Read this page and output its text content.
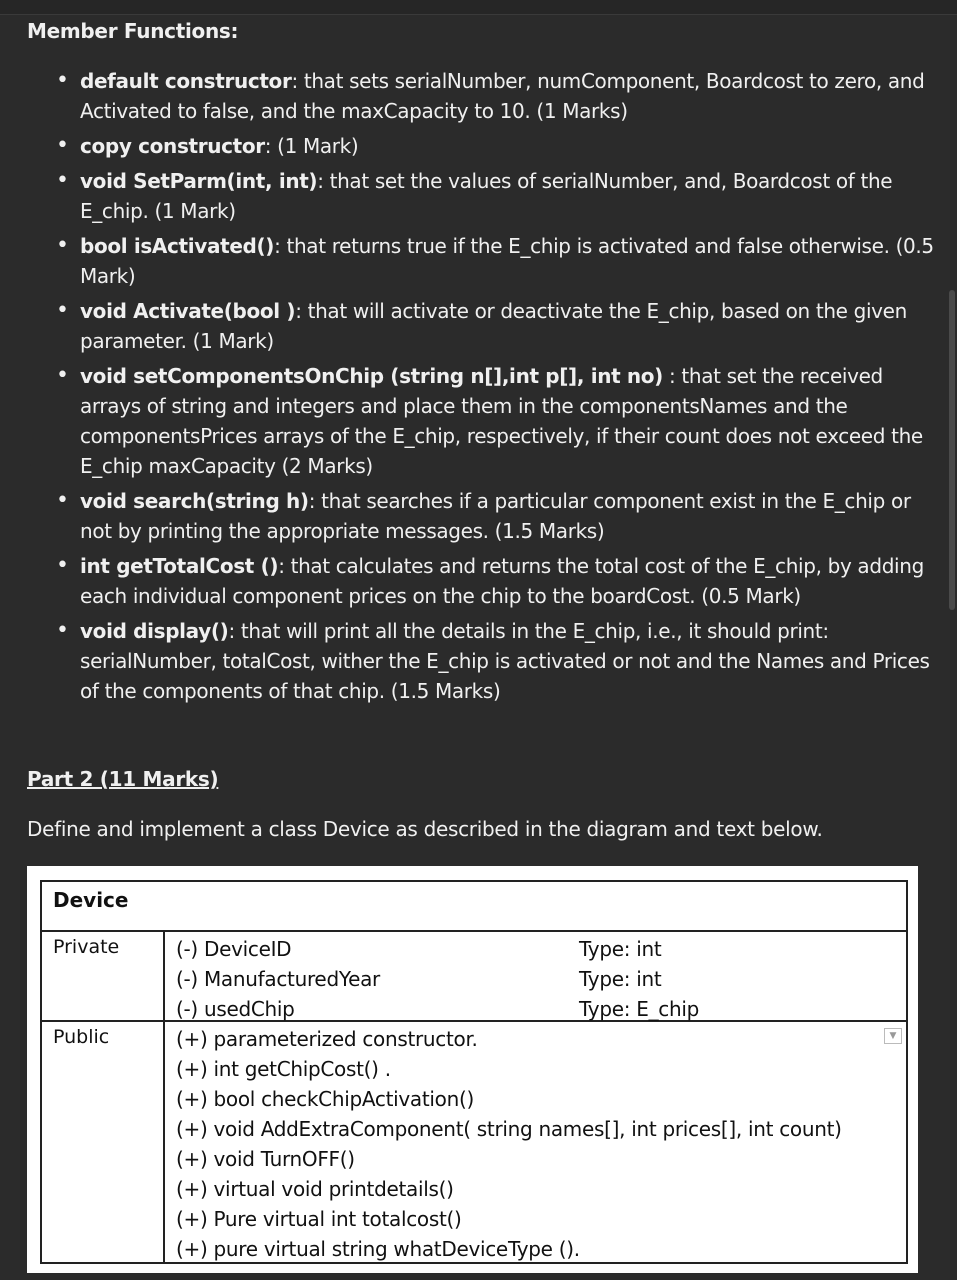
Member Functions:
• default constructor: that sets serialNumber, numComponent, Boardcost to zero, and Activated to false, and the maxCapacity to 10. (1 Marks)
• copy constructor: (1 Mark)
• void SetParm(int, int): that set the values of serialNumber, and, Boardcost of the E_chip. (1 Mark)
• bool isActivated(): that returns true if the E_chip is activated and false otherwise. (0.5 Mark)
• void Activate(bool ): that will activate or deactivate the E_chip, based on the given parameter. (1 Mark)
• void setComponentsOnChip (string n[],int p[], int no) : that set the received arrays of string and integers and place them in the componentsNames and the componentsPrices arrays of the E_chip, respectively, if their count does not exceed the E_chip maxCapacity (2 Marks)
• void search(string h): that searches if a particular component exist in the E_chip or not by printing the appropriate messages. (1.5 Marks)
• int getTotalCost (): that calculates and returns the total cost of the E_chip, by adding each individual component prices on the chip to the boardCost. (0.5 Mark)
• void display(): that will print all the details in the E_chip, i.e., it should print: serialNumber, totalCost, wither the E_chip is activated or not and the Names and Prices of the components of that chip. (1.5 Marks)
Part 2 (11 Marks)
Define and implement a class Device as described in the diagram and text below.
Device
Private	(-) DeviceID	Type: int
(-) ManufacturedYear	Type: int
(-) usedChip	Type: E_chip
Public	▼
(+) parameterized constructor.
(+) int getChipCost() .
(+) bool checkChipActivation()
(+) void AddExtraComponent( string names[], int prices[], int count)
(+) void TurnOFF()
(+) virtual void printdetails()
(+) Pure virtual int totalcost()
(+) pure virtual string whatDeviceType ().
